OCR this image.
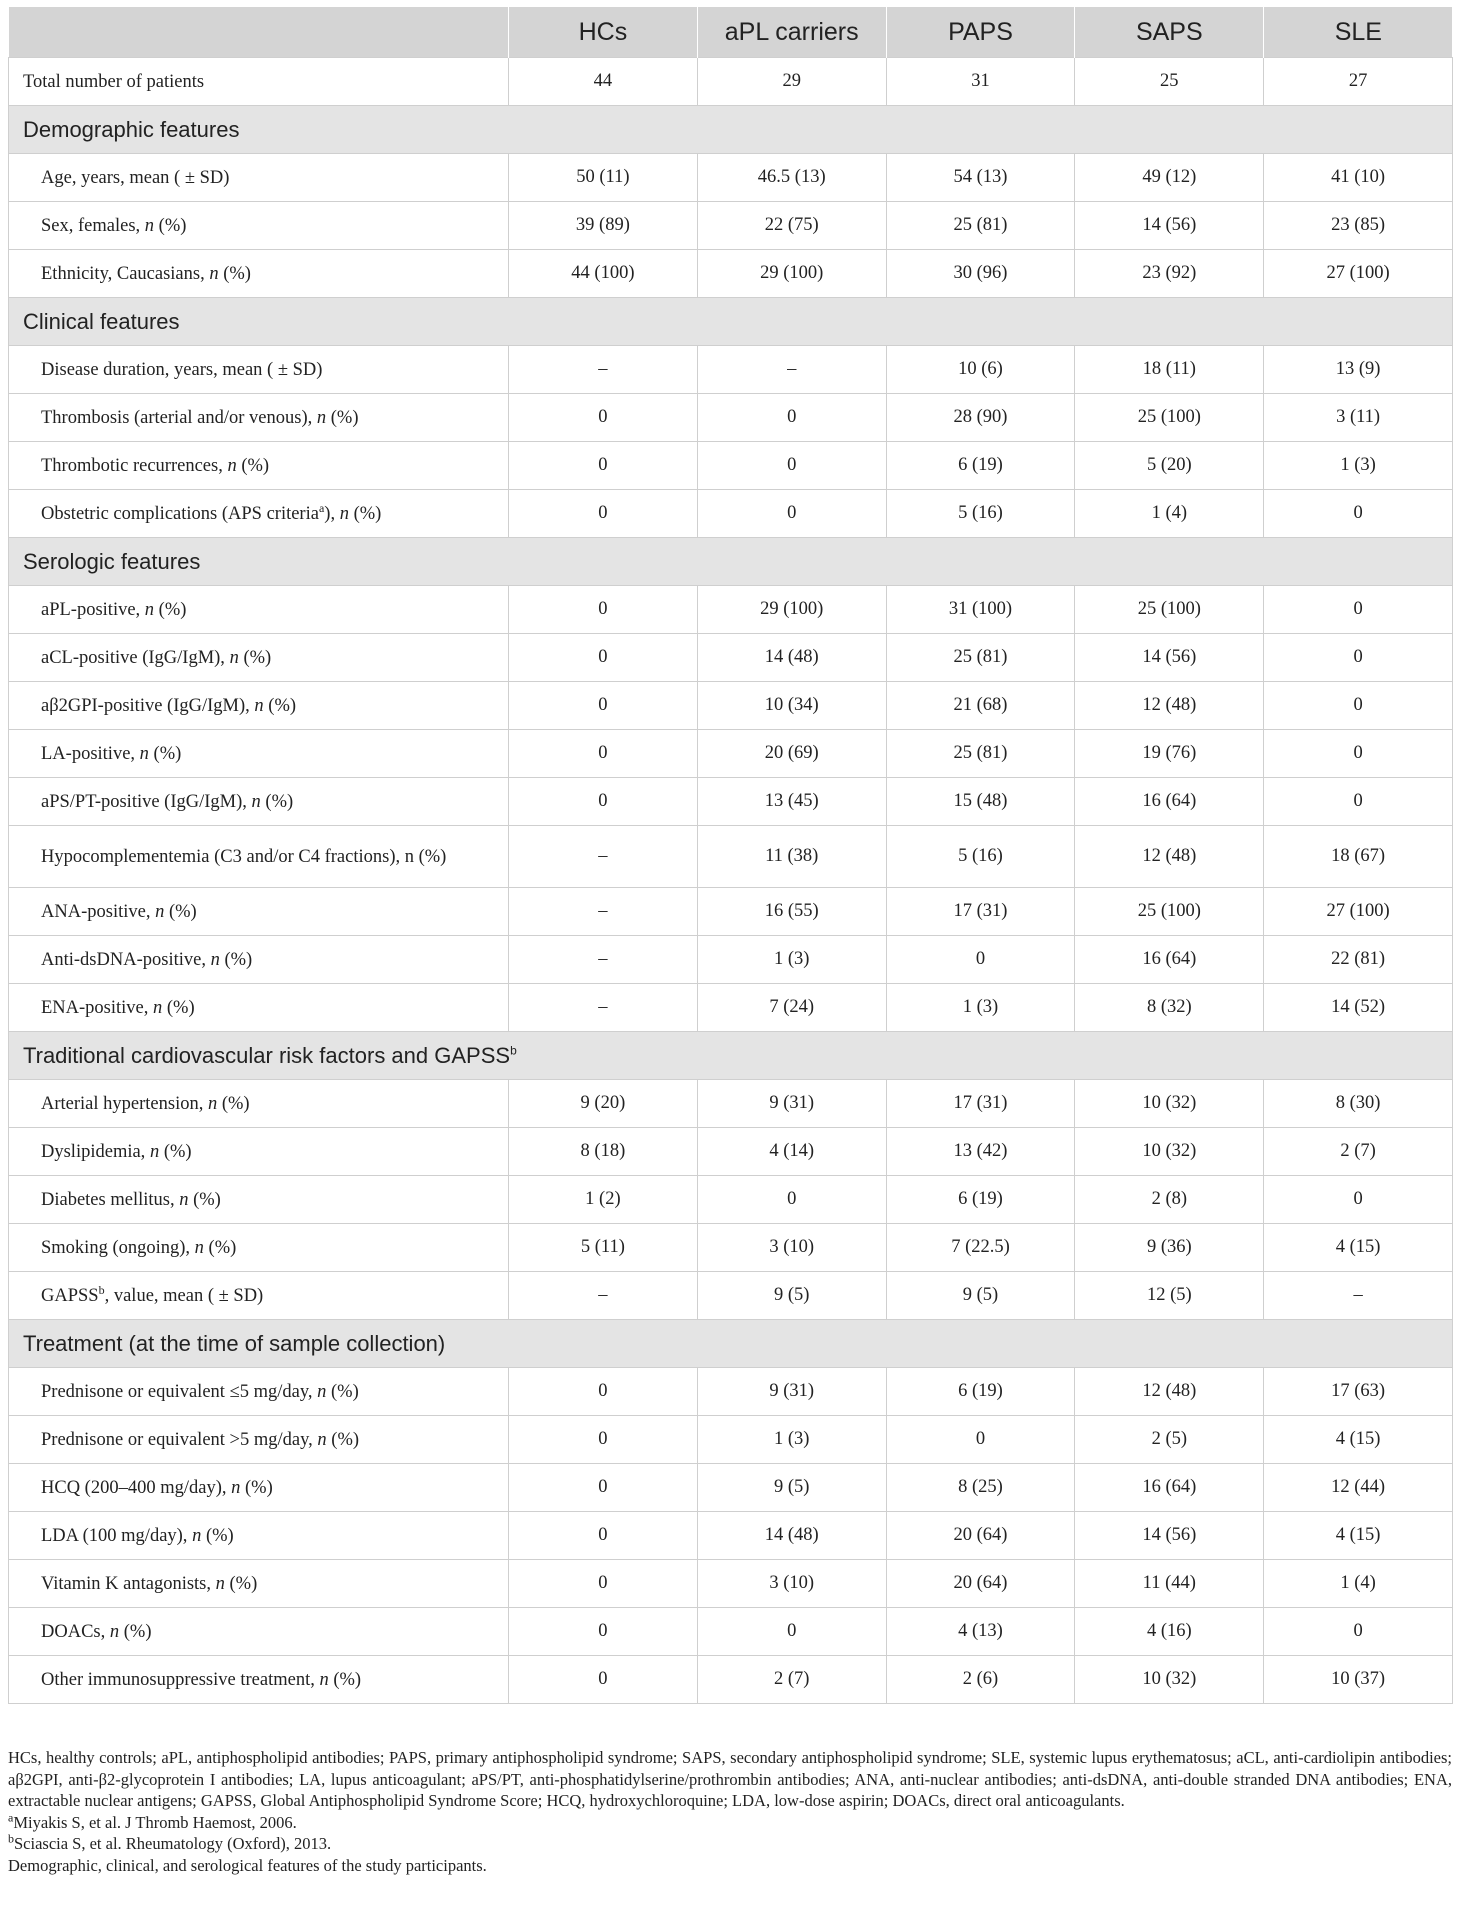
	HCs	aPL carriers	PAPS	SAPS	SLE
Total number of patients	44	29	31	25	27
Demographic features					
Age, years, mean ( ± SD)	50 (11)	46.5 (13)	54 (13)	49 (12)	41 (10)
Sex, females, n (%)	39 (89)	22 (75)	25 (81)	14 (56)	23 (85)
Ethnicity, Caucasians, n (%)	44 (100)	29 (100)	30 (96)	23 (92)	27 (100)
Clinical features					
Disease duration, years, mean ( ± SD)	–	–	10 (6)	18 (11)	13 (9)
Thrombosis (arterial and/or venous), n (%)	0	0	28 (90)	25 (100)	3 (11)
Thrombotic recurrences, n (%)	0	0	6 (19)	5 (20)	1 (3)
Obstetric complications (APS criteria$^a$), n (%)	0	0	5 (16)	1 (4)	0
Serologic features					
aPL-positive, n (%)	0	29 (100)	31 (100)	25 (100)	0
aCL-positive (IgG/IgM), n (%)	0	14 (48)	25 (81)	14 (56)	0
aβ2GPI-positive (IgG/IgM), n (%)	0	10 (34)	21 (68)	12 (48)	0
LA-positive, n (%)	0	20 (69)	25 (81)	19 (76)	0
aPS/PT-positive (IgG/IgM), n (%)	0	13 (45)	15 (48)	16 (64)	0
Hypocomplementemia (C3 and/or C4 fractions), n (%)	–	11 (38)	5 (16)	12 (48)	18 (67)
ANA-positive, n (%)	–	16 (55)	17 (31)	25 (100)	27 (100)
Anti-dsDNA-positive, n (%)	–	1 (3)	0	16 (64)	22 (81)
ENA-positive, n (%)	–	7 (24)	1 (3)	8 (32)	14 (52)
Traditional cardiovascular risk factors and GAPSS$^b$
Arterial hypertension, n (%)	9 (20)	9 (31)	17 (31)	10 (32)	8 (30)
Dyslipidemia, n (%)	8 (18)	4 (14)	13 (42)	10 (32)	2 (7)
Diabetes mellitus, n (%)	1 (2)	0	6 (19)	2 (8)	0
Smoking (ongoing), n (%)	5 (11)	3 (10)	7 (22.5)	9 (36)	4 (15)
GAPSS$^b$, value, mean ( ± SD)	–	9 (5)	9 (5)	12 (5)	–
Treatment (at the time of sample collection)					
Prednisone or equivalent ≤5 mg/day, n (%)	0	9 (31)	6 (19)	12 (48)	17 (63)
Prednisone or equivalent >5 mg/day, n (%)	0	1 (3)	0	2 (5)	4 (15)
HCQ (200–400 mg/day), n (%)	0	9 (5)	8 (25)	16 (64)	12 (44)
LDA (100 mg/day), n (%)	0	14 (48)	20 (64)	14 (56)	4 (15)
Vitamin K antagonists, n (%)	0	3 (10)	20 (64)	11 (44)	1 (4)
DOACs, n (%)	0	0	4 (13)	4 (16)	0
Other immunosuppressive treatment, n (%)	0	2 (7)	2 (6)	10 (32)	10 (37)

HCs, healthy controls; aPL, antiphospholipid antibodies; PAPS, primary antiphospholipid syndrome; SAPS, secondary antiphospholipid syndrome; SLE, systemic lupus erythematosus; aCL, anti-cardiolipin antibodies; aβ2GPI, anti-β2-glycoprotein I antibodies; LA, lupus anticoagulant; aPS/PT, anti-phosphatidylserine/prothrombin antibodies; ANA, anti-nuclear antibodies; anti-dsDNA, anti-double stranded DNA antibodies; ENA, extractable nuclear antigens; GAPSS, Global Antiphospholipid Syndrome Score; HCQ, hydroxychloroquine; LDA, low-dose aspirin; DOACs, direct oral anticoagulants.

$^a$Miyakis S, et al. J Thromb Haemost, 2006.

$^b$Sciascia S, et al. Rheumatology (Oxford), 2013.

Demographic, clinical, and serological features of the study participants.
